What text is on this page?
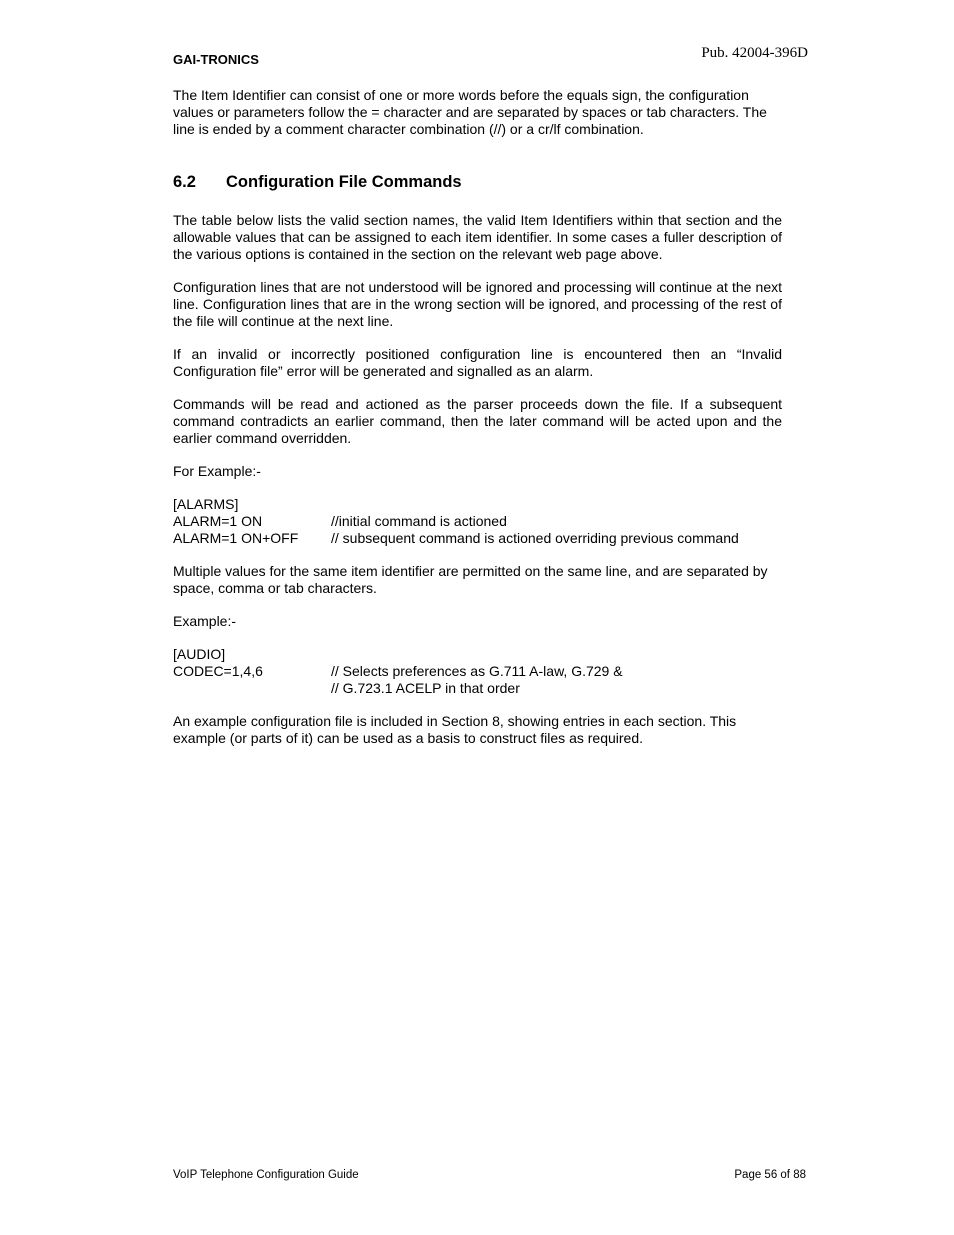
GAI-TRONICS	Pub. 42004-396D

The Item Identifier can consist of one or more words before the equals sign, the configuration values or parameters follow the = character and are separated by spaces or tab characters. The line is ended by a comment character combination (//) or a cr/lf combination.

6.2 Configuration File Commands

The table below lists the valid section names, the valid Item Identifiers within that section and the allowable values that can be assigned to each item identifier. In some cases a fuller description of the various options is contained in the section on the relevant web page above.

Configuration lines that are not understood will be ignored and processing will continue at the next line. Configuration lines that are in the wrong section will be ignored, and processing of the rest of the file will continue at the next line.

If an invalid or incorrectly positioned configuration line is encountered then an “Invalid Configuration file” error will be generated and signalled as an alarm.

Commands will be read and actioned as the parser proceeds down the file. If a subsequent command contradicts an earlier command, then the later command will be acted upon and the earlier command overridden.

For Example:-

[ALARMS]
ALARM=1 ON	//initial command is actioned
ALARM=1 ON+OFF	// subsequent command is actioned overriding previous command

Multiple values for the same item identifier are permitted on the same line, and are separated by space, comma or tab characters.

Example:-

[AUDIO]
CODEC=1,4,6	// Selects preferences as G.711 A-law, G.729 &
// G.723.1 ACELP in that order

An example configuration file is included in Section 8, showing entries in each section. This example (or parts of it) can be used as a basis to construct files as required.

VoIP Telephone Configuration Guide	Page 56 of 88
